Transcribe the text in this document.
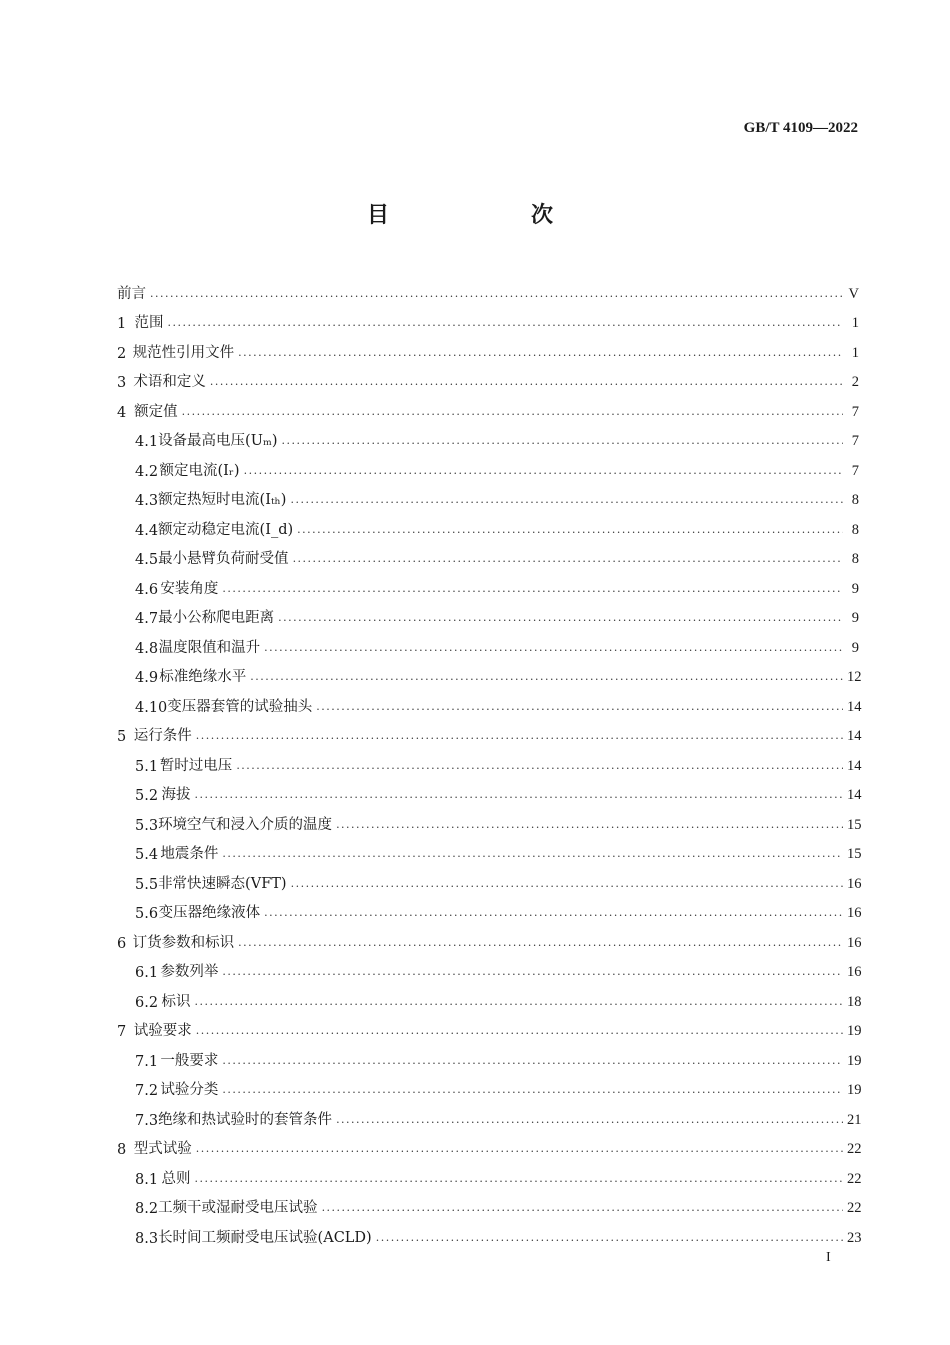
GB/T 4109—2022
目　次
前言 ·····	V
1 范围 ·····	1
2 规范性引用文件 ·····	1
3 术语和定义 ·····	2
4 额定值 ·····	7
4.1 设备最高电压(Uₘ) ·····	7
4.2 额定电流(Iᵣ) ·····	7
4.3 额定热短时电流(Iₜₕ) ·····	8
4.4 额定动稳定电流(I_d) ·····	8
4.5 最小悬臂负荷耐受值 ·····	8
4.6 安装角度 ·····	9
4.7 最小公称爬电距离 ·····	9
4.8 温度限值和温升 ·····	9
4.9 标准绝缘水平 ·····	12
4.10 变压器套管的试验抽头 ·····	14
5 运行条件 ·····	14
5.1 暂时过电压 ·····	14
5.2 海拔 ·····	14
5.3 环境空气和浸入介质的温度 ·····	15
5.4 地震条件 ·····	15
5.5 非常快速瞬态(VFT) ·····	16
5.6 变压器绝缘液体 ·····	16
6 订货参数和标识 ·····	16
6.1 参数列举 ·····	16
6.2 标识 ·····	18
7 试验要求 ·····	19
7.1 一般要求 ·····	19
7.2 试验分类 ·····	19
7.3 绝缘和热试验时的套管条件 ·····	21
8 型式试验 ·····	22
8.1 总则 ·····	22
8.2 工频干或湿耐受电压试验 ·····	22
8.3 长时间工频耐受电压试验(ACLD) ·····	23
I
